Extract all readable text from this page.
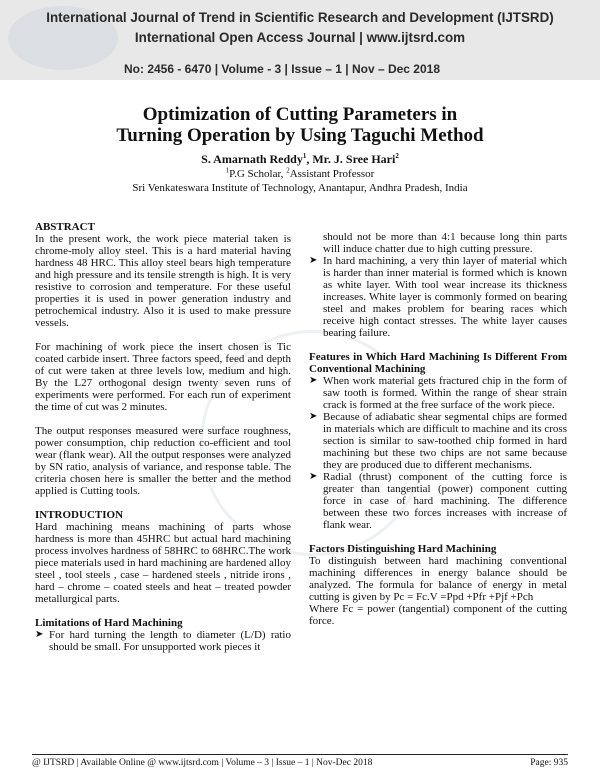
International Journal of Trend in Scientific Research and Development (IJTSRD)
International Open Access Journal | www.ijtsrd.com
No: 2456 - 6470 | Volume - 3 | Issue – 1 | Nov – Dec 2018
Optimization of Cutting Parameters in
Turning Operation by Using Taguchi Method
S. Amarnath Reddy$^1$, Mr. J. Sree Hari$^2$
$^1$P.G Scholar, $^2$Assistant Professor
Sri Venkateswara Institute of Technology, Anantapur, Andhra Pradesh, India
ABSTRACT

In the present work, the work piece material taken is chrome-moly alloy steel. This is a hard material having hardness 48 HRC. This alloy steel bears high temperature and high pressure and its tensile strength is high. It is very resistive to corrosion and temperature. For these useful properties it is used in power generation industry and petrochemical industry. Also it is used to make pressure vessels.

For machining of work piece the insert chosen is Tic coated carbide insert. Three factors speed, feed and depth of cut were taken at three levels low, medium and high. By the L27 orthogonal design twenty seven runs of experiments were performed. For each run of experiment the time of cut was 2 minutes.

The output responses measured were surface roughness, power consumption, chip reduction co-efficient and tool wear (flank wear). All the output responses were analyzed by SN ratio, analysis of variance, and response table. The criteria chosen here is smaller the better and the method applied is Cutting tools.

INTRODUCTION

Hard machining means machining of parts whose hardness is more than 45HRC but actual hard machining process involves hardness of 58HRC to 68HRC.The work piece materials used in hard machining are hardened alloy steel , tool steels , case – hardened steels , nitride irons , hard – chrome – coated steels and heat – treated powder metallurgical parts.

Limitations of Hard Machining
➤ For hard turning the length to diameter (L/D) ratio should be small. For unsupported work pieces it

should not be more than 4:1 because long thin parts will induce chatter due to high cutting pressure.

➤ In hard machining, a very thin layer of material which is harder than inner material is formed which is known as white layer. With tool wear increase its thickness increases. White layer is commonly formed on bearing steel and makes problem for bearing races which receive high contact stresses. The white layer causes bearing failure.
Features in Which Hard Machining Is Different From Conventional Machining
➤ When work material gets fractured chip in the form of saw tooth is formed. Within the range of shear strain crack is formed at the free surface of the work piece.
➤ Because of adiabatic shear segmental chips are formed in materials which are difficult to machine and its cross section is similar to saw-toothed chip formed in hard machining but these two chips are not same because they are produced due to different mechanisms.
➤ Radial (thrust) component of the cutting force is greater than tangential (power) component cutting force in case of hard machining. The difference between these two forces increases with increase of flank wear.
Factors Distinguishing Hard Machining

To distinguish between hard machining conventional machining differences in energy balance should be analyzed. The formula for balance of energy in metal cutting is given by Pc = Fc.V =Ppd +Pfr +Pjf +Pch

Where Fc = power (tangential) component of the cutting force.

@ IJTSRD | Available Online @ www.ijtsrd.com | Volume – 3 | Issue – 1 | Nov-Dec 2018	Page: 935
